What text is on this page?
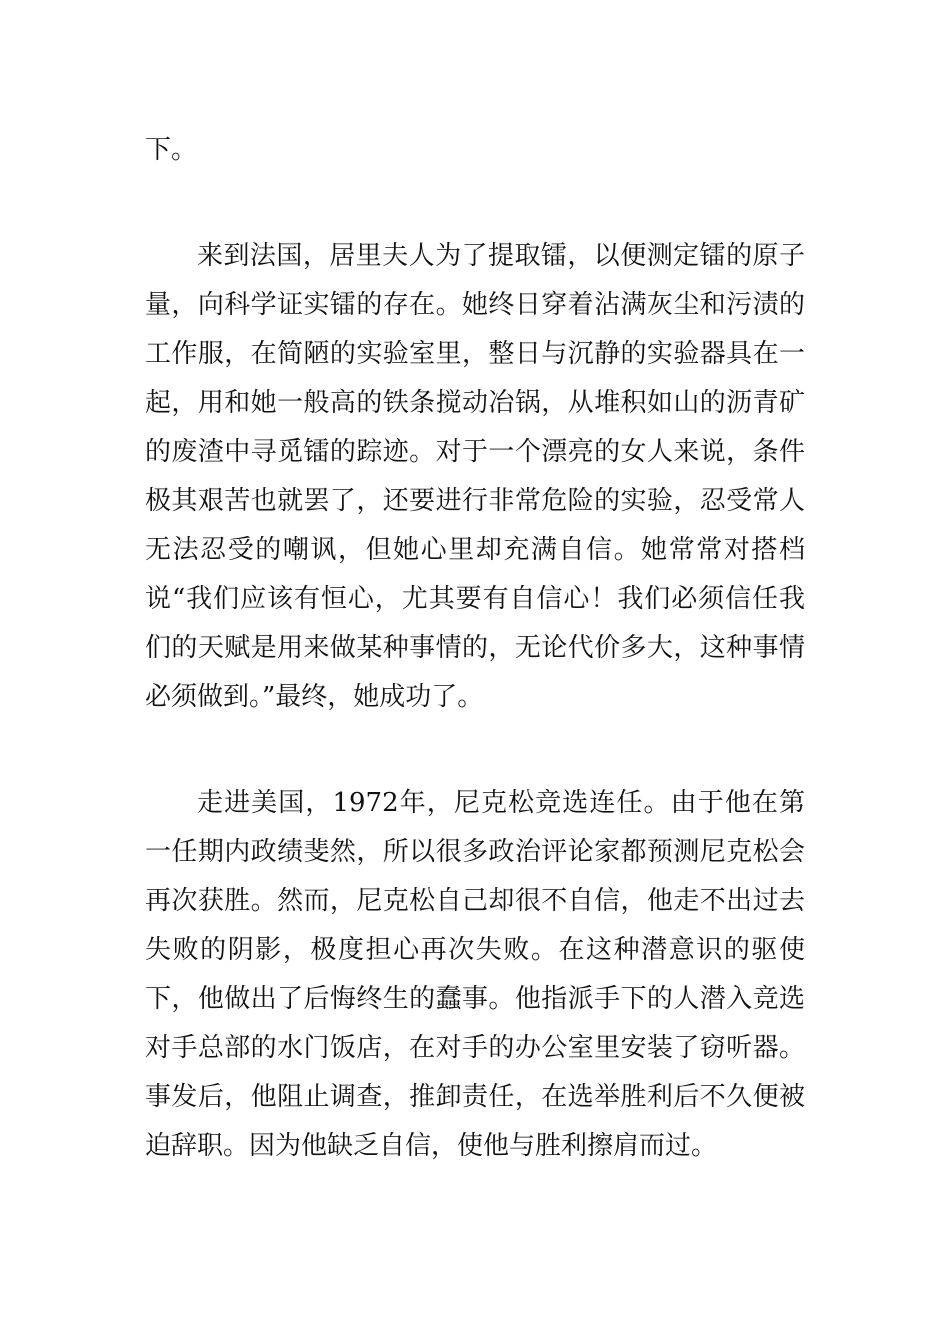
下。

来到法国，居里夫人为了提取镭，以便测定镭的原子量，向科学证实镭的存在。她终日穿着沾满灰尘和污渍的工作服，在简陋的实验室里，整日与沉静的实验器具在一起，用和她一般高的铁条搅动冶锅，从堆积如山的沥青矿的废渣中寻觅镭的踪迹。对于一个漂亮的女人来说，条件极其艰苦也就罢了，还要进行非常危险的实验，忍受常人无法忍受的嘲讽，但她心里却充满自信。她常常对搭档说“我们应该有恒心，尤其要有自信心！我们必须信任我们的天赋是用来做某种事情的，无论代价多大，这种事情必须做到。”最终，她成功了。

走进美国，1972年，尼克松竞选连任。由于他在第一任期内政绩斐然，所以很多政治评论家都预测尼克松会再次获胜。然而，尼克松自己却很不自信，他走不出过去失败的阴影，极度担心再次失败。在这种潜意识的驱使下，他做出了后悔终生的蠢事。他指派手下的人潜入竞选对手总部的水门饭店，在对手的办公室里安装了窃听器。事发后，他阻止调查，推卸责任，在选举胜利后不久便被迫辞职。因为他缺乏自信，使他与胜利擦肩而过。
